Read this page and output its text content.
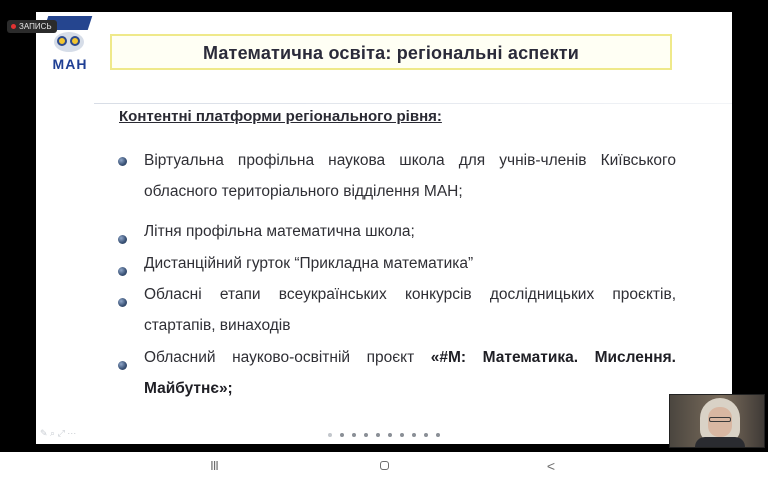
Математична освіта: регіональні аспекти
Контентні платформи регіонального рівня:
Віртуальна профільна наукова школа для учнів-членів Київського обласного територіального відділення МАН;
Літня профільна математична школа;
Дистанційний гурток “Прикладна математика”
Обласні етапи всеукраїнських конкурсів дослідницьких проєктів, стартапів, винаходів
Обласний науково-освітній проєкт «#М: Математика. Мислення. Майбутнє»;
МАН
ЗАПИСЬ
✎ ⌕ ⤢ ⋯
III	<
